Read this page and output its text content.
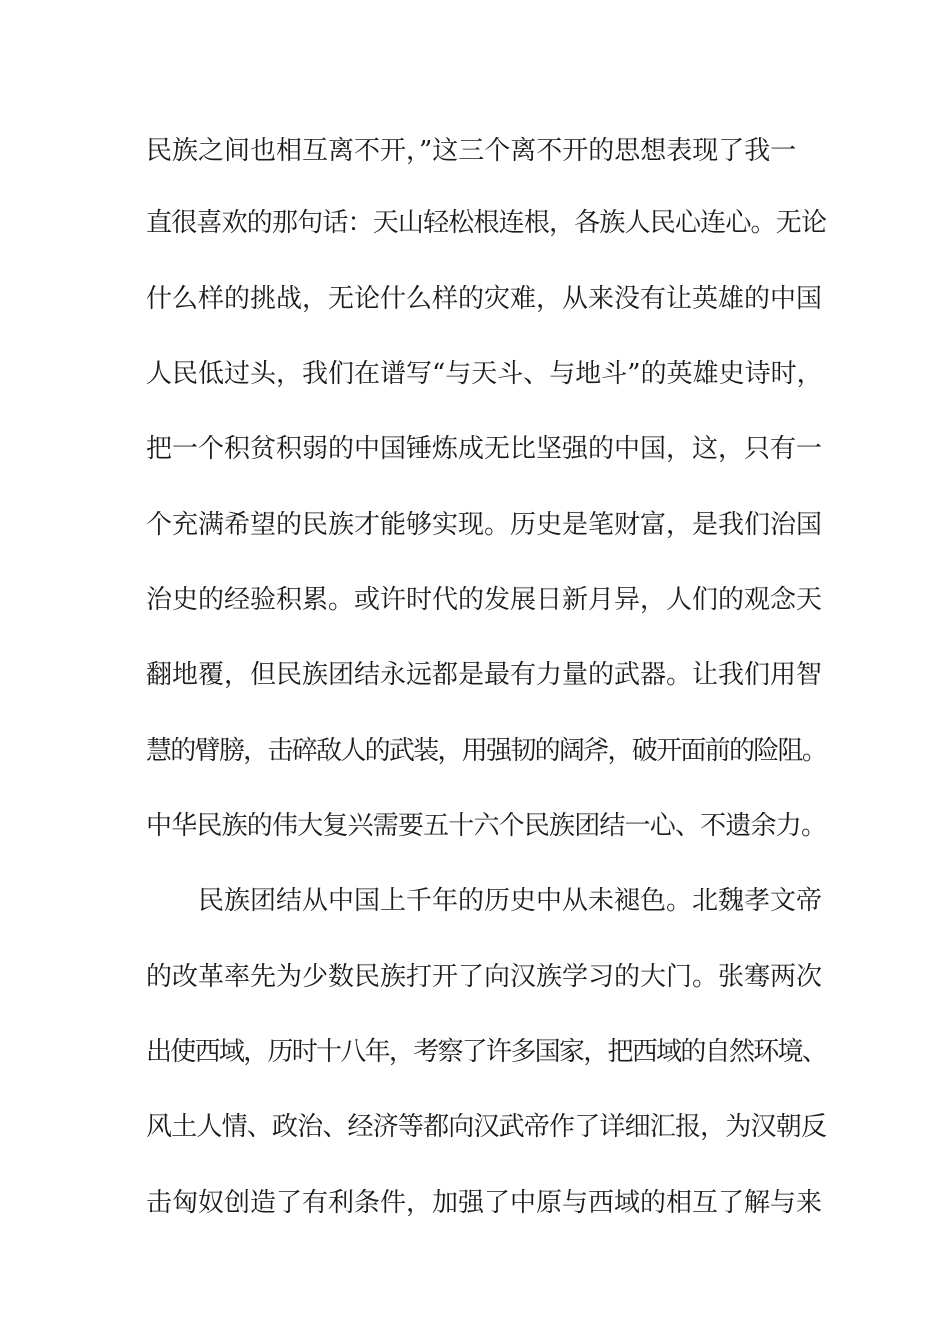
民族之间也相互离不开，”这三个离不开的思想表现了我一
直很喜欢的那句话：天山轻松根连根，各族人民心连心。无论
什么样的挑战，无论什么样的灾难，从来没有让英雄的中国
人民低过头，我们在谱写“与天斗、与地斗”的英雄史诗时，
把一个积贫积弱的中国锤炼成无比坚强的中国，这，只有一
个充满希望的民族才能够实现。历史是笔财富，是我们治国
治史的经验积累。或许时代的发展日新月异，人们的观念天
翻地覆，但民族团结永远都是最有力量的武器。让我们用智
慧的臂膀，击碎敌人的武装，用强韧的阔斧，破开面前的险阻。
中华民族的伟大复兴需要五十六个民族团结一心、不遗余力。
民族团结从中国上千年的历史中从未褪色。北魏孝文帝
的改革率先为少数民族打开了向汉族学习的大门。张骞两次
出使西域，历时十八年，考察了许多国家，把西域的自然环境、
风土人情、政治、经济等都向汉武帝作了详细汇报，为汉朝反
击匈奴创造了有利条件，加强了中原与西域的相互了解与来
